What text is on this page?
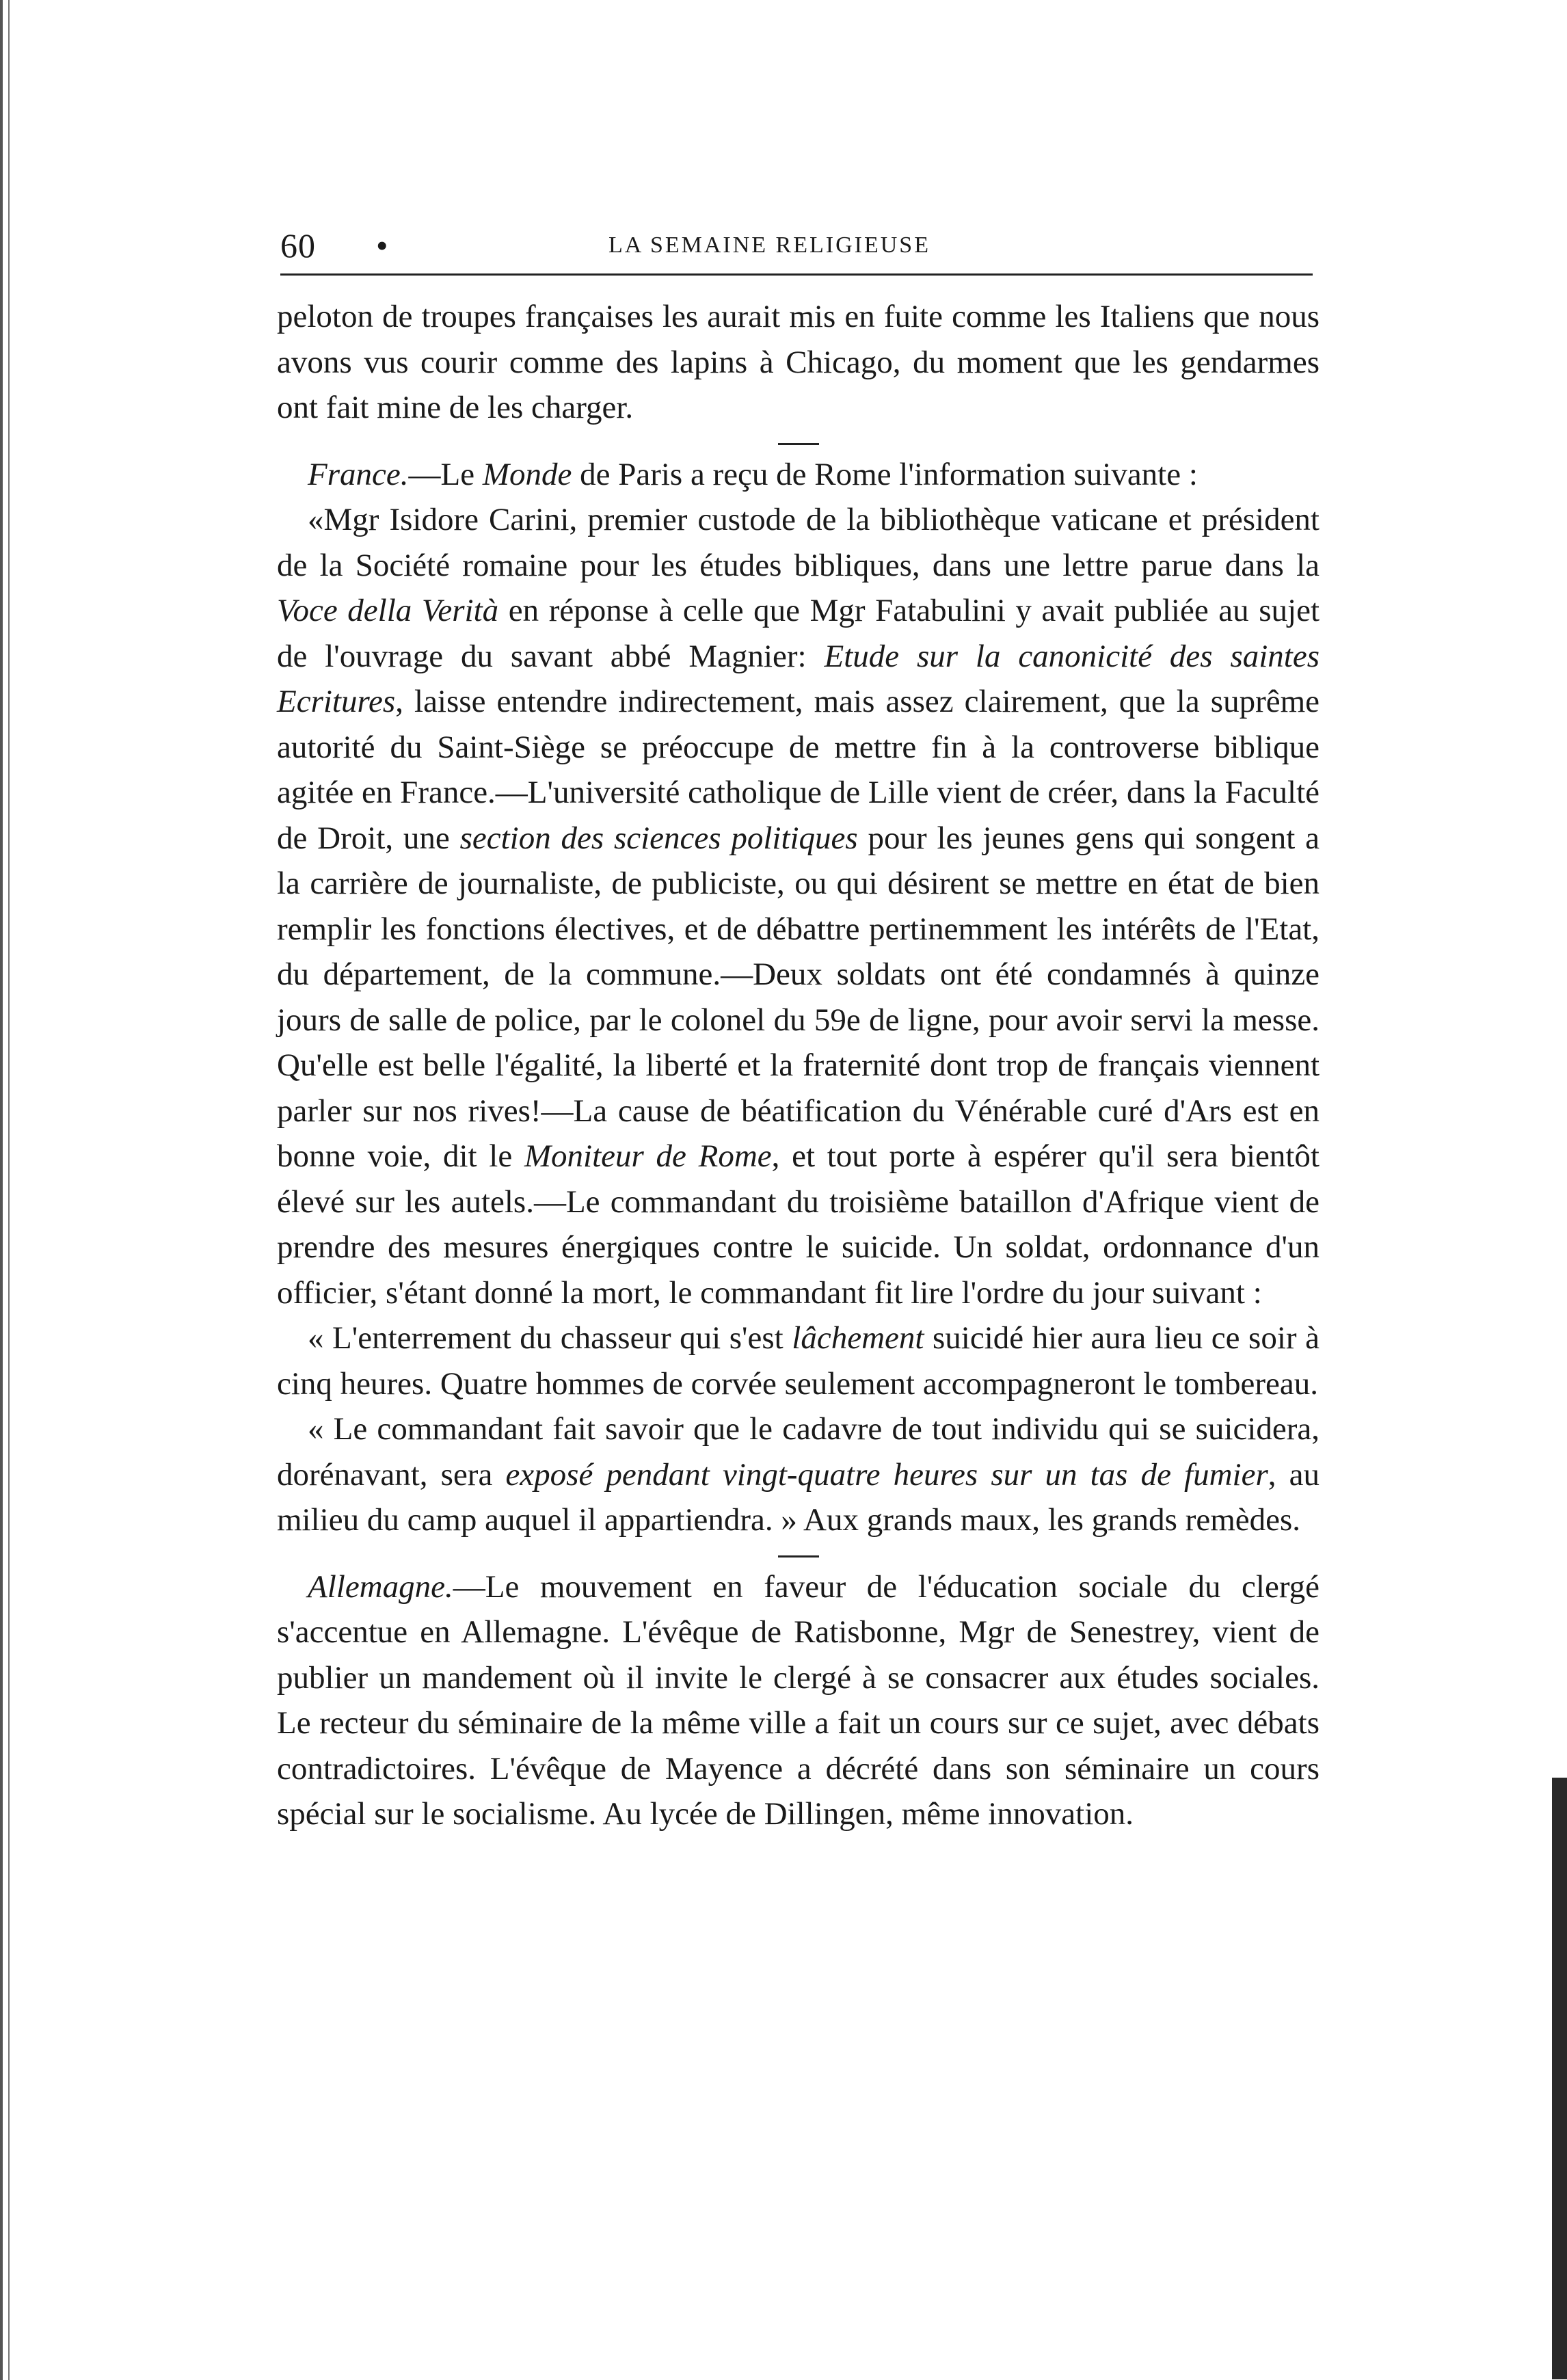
60 •	LA SEMAINE RELIGIEUSE

peloton de troupes françaises les aurait mis en fuite comme les Italiens que nous avons vus courir comme des lapins à Chicago, du moment que les gendarmes ont fait mine de les charger.

France.—Le Monde de Paris a reçu de Rome l'information suivante :

«Mgr Isidore Carini, premier custode de la bibliothèque vaticane et président de la Société romaine pour les études bibliques, dans une lettre parue dans la Voce della Verità en réponse à celle que Mgr Fatabulini y avait publiée au sujet de l'ouvrage du savant abbé Magnier: Etude sur la canonicité des saintes Ecritures, laisse entendre indirectement, mais assez clairement, que la suprême autorité du Saint-Siège se préoccupe de mettre fin à la controverse biblique agitée en France.—L'université catholique de Lille vient de créer, dans la Faculté de Droit, une section des sciences politiques pour les jeunes gens qui songent a la carrière de journaliste, de publiciste, ou qui désirent se mettre en état de bien remplir les fonctions électives, et de débattre pertinemment les intérêts de l'Etat, du département, de la commune.—Deux soldats ont été condamnés à quinze jours de salle de police, par le colonel du 59e de ligne, pour avoir servi la messe. Qu'elle est belle l'égalité, la liberté et la fraternité dont trop de français viennent parler sur nos rives!—La cause de béatification du Vénérable curé d'Ars est en bonne voie, dit le Moniteur de Rome, et tout porte à espérer qu'il sera bientôt élevé sur les autels.—Le commandant du troisième bataillon d'Afrique vient de prendre des mesures énergiques contre le suicide. Un soldat, ordonnance d'un officier, s'étant donné la mort, le commandant fit lire l'ordre du jour suivant :

« L'enterrement du chasseur qui s'est lâchement suicidé hier aura lieu ce soir à cinq heures. Quatre hommes de corvée seulement accompagneront le tombereau.

« Le commandant fait savoir que le cadavre de tout individu qui se suicidera, dorénavant, sera exposé pendant vingt-quatre heures sur un tas de fumier, au milieu du camp auquel il appartiendra. » Aux grands maux, les grands remèdes.

Allemagne.—Le mouvement en faveur de l'éducation sociale du clergé s'accentue en Allemagne. L'évêque de Ratisbonne, Mgr de Senestrey, vient de publier un mandement où il invite le clergé à se consacrer aux études sociales. Le recteur du séminaire de la même ville a fait un cours sur ce sujet, avec débats contradictoires. L'évêque de Mayence a décrété dans son séminaire un cours spécial sur le socialisme. Au lycée de Dillingen, même innovation.
